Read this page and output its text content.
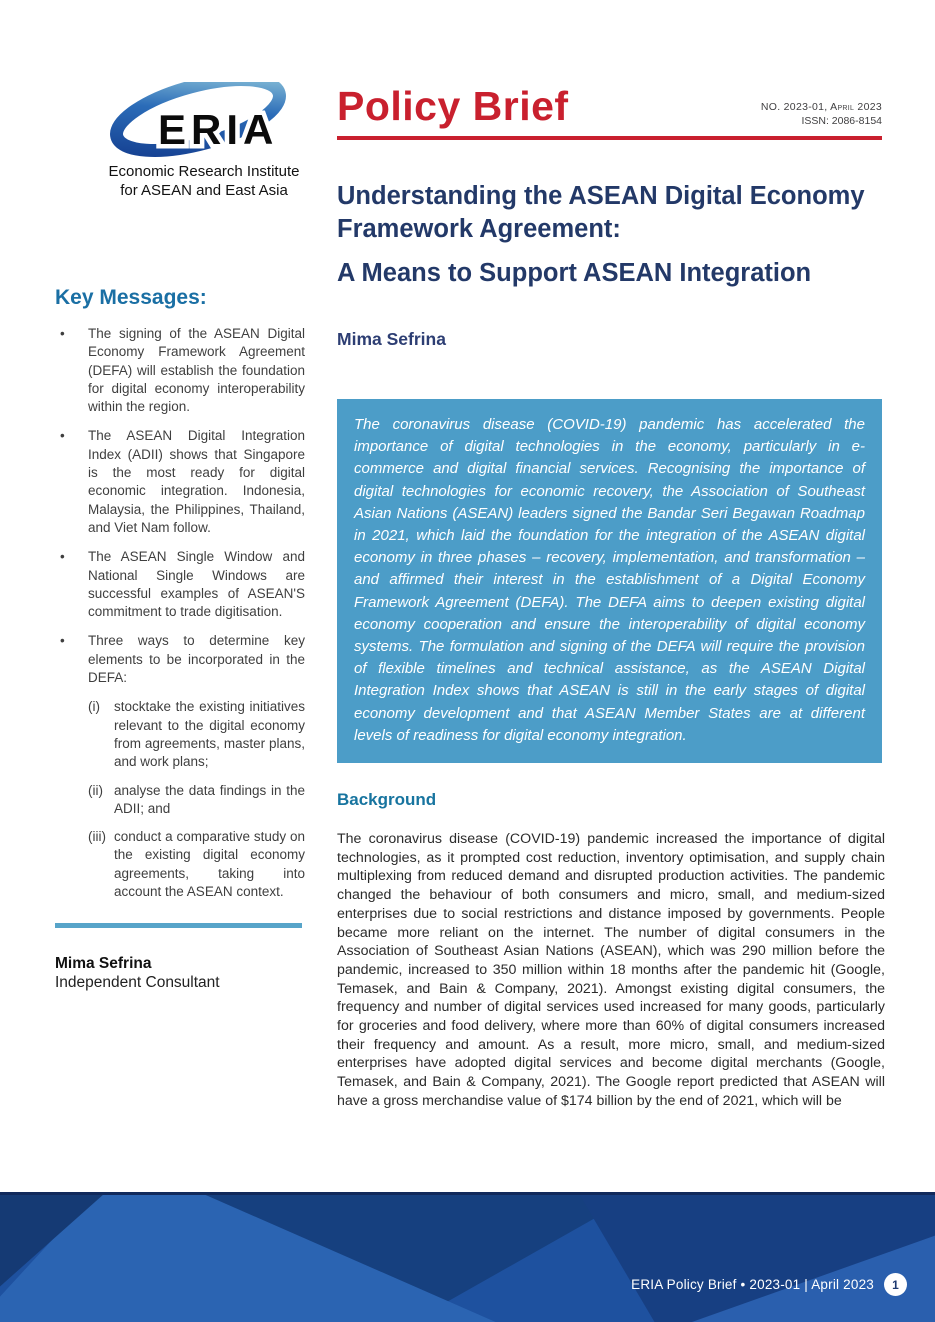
ERIA
Economic Research Institute
for ASEAN and East Asia
Policy Brief	NO. 2023-01, April 2023
ISSN: 2086-8154
Understanding the ASEAN Digital Economy Framework Agreement:
A Means to Support ASEAN Integration
Mima Sefrina
The coronavirus disease (COVID-19) pandemic has accelerated the importance of digital technologies in the economy, particularly in e-commerce and digital financial services. Recognising the importance of digital technologies for economic recovery, the Association of Southeast Asian Nations (ASEAN) leaders signed the Bandar Seri Begawan Roadmap in 2021, which laid the foundation for the integration of the ASEAN digital economy in three phases – recovery, implementation, and transformation – and affirmed their interest in the establishment of a Digital Economy Framework Agreement (DEFA). The DEFA aims to deepen existing digital economy cooperation and ensure the interoperability of digital economy systems. The formulation and signing of the DEFA will require the provision of flexible timelines and technical assistance, as the ASEAN Digital Integration Index shows that ASEAN is still in the early stages of digital economy development and that ASEAN Member States are at different levels of readiness for digital economy integration.
Key Messages:
•	The signing of the ASEAN Digital Economy Framework Agreement (DEFA) will establish the foundation for digital economy interoperability within the region.
•	The ASEAN Digital Integration Index (ADII) shows that Singapore is the most ready for digital economic integration. Indonesia, Malaysia, the Philippines, Thailand, and Viet Nam follow.
•	The ASEAN Single Window and National Single Windows are successful examples of ASEAN'S commitment to trade digitisation.
•	Three ways to determine key elements to be incorporated in the DEFA:
(i)	stocktake the existing initiatives relevant to the digital economy from agreements, master plans, and work plans;
(ii) analyse the data findings in the ADII; and
(iii) conduct a comparative study on the existing digital economy agreements, taking into account the ASEAN context.
Mima Sefrina
Independent Consultant
Background
The coronavirus disease (COVID-19) pandemic increased the importance of digital technologies, as it prompted cost reduction, inventory optimisation, and supply chain multiplexing from reduced demand and disrupted production activities. The pandemic changed the behaviour of both consumers and micro, small, and medium-sized enterprises due to social restrictions and distance imposed by governments. People became more reliant on the internet. The number of digital consumers in the Association of Southeast Asian Nations (ASEAN), which was 290 million before the pandemic, increased to 350 million within 18 months after the pandemic hit (Google, Temasek, and Bain & Company, 2021). Amongst existing digital consumers, the frequency and number of digital services used increased for many goods, particularly for groceries and food delivery, where more than 60% of digital consumers increased their frequency and amount. As a result, more micro, small, and medium-sized enterprises have adopted digital services and become digital merchants (Google, Temasek, and Bain & Company, 2021). The Google report predicted that ASEAN will have a gross merchandise value of $174 billion by the end of 2021, which will be
ERIA Policy Brief • 2023-01 | April 2023	1
